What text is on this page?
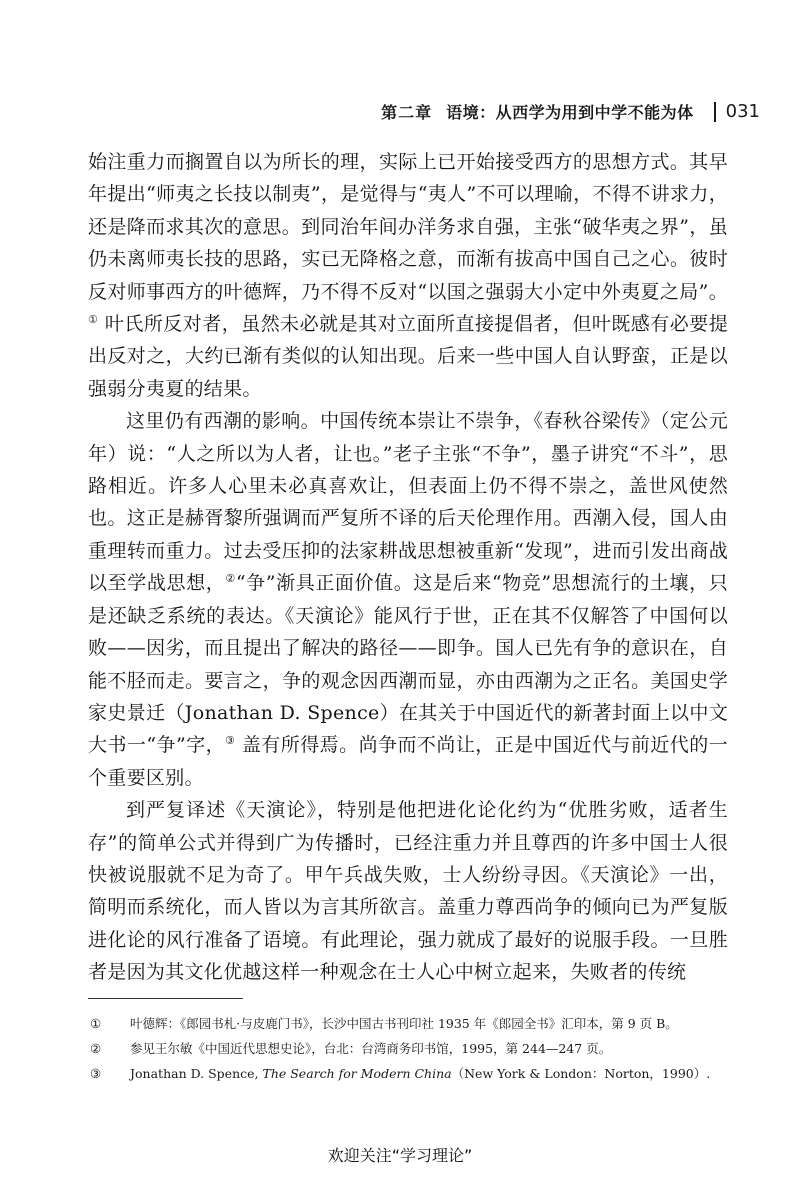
第二章 语境：从西学为用到中学不能为体 031

始注重力而搁置自以为所长的理，实际上已开始接受西方的思想方式。其早年提出“师夷之长技以制夷”，是觉得与“夷人”不可以理喻，不得不讲求力，还是降而求其次的意思。到同治年间办洋务求自强，主张“破华夷之界”，虽仍未离师夷长技的思路，实已无降格之意，而渐有拔高中国自己之心。彼时反对师事西方的叶德辉，乃不得不反对“以国之强弱大小定中外夷夏之局”。① 叶氏所反对者，虽然未必就是其对立面所直接提倡者，但叶既感有必要提出反对之，大约已渐有类似的认知出现。后来一些中国人自认野蛮，正是以强弱分夷夏的结果。

这里仍有西潮的影响。中国传统本崇让不崇争，《春秋谷梁传》（定公元年）说：“人之所以为人者，让也。”老子主张“不争”，墨子讲究“不斗”，思路相近。许多人心里未必真喜欢让，但表面上仍不得不崇之，盖世风使然也。这正是赫胥黎所强调而严复所不译的后天伦理作用。西潮入侵，国人由重理转而重力。过去受压抑的法家耕战思想被重新“发现”，进而引发出商战以至学战思想，②“争”渐具正面价值。这是后来“物竞”思想流行的土壤，只是还缺乏系统的表达。《天演论》能风行于世，正在其不仅解答了中国何以败——因劣，而且提出了解决的路径——即争。国人已先有争的意识在，自能不胫而走。要言之，争的观念因西潮而显，亦由西潮为之正名。美国史学家史景迁（Jonathan D. Spence）在其关于中国近代的新著封面上以中文大书一“争”字，③ 盖有所得焉。尚争而不尚让，正是中国近代与前近代的一个重要区别。

到严复译述《天演论》，特别是他把进化论化约为“优胜劣败，适者生存”的简单公式并得到广为传播时，已经注重力并且尊西的许多中国士人很快被说服就不足为奇了。甲午兵战失败，士人纷纷寻因。《天演论》一出，简明而系统化，而人皆以为言其所欲言。盖重力尊西尚争的倾向已为严复版进化论的风行准备了语境。有此理论，强力就成了最好的说服手段。一旦胜者是因为其文化优越这样一种观念在士人心中树立起来，失败者的传统

①	叶德辉：《郎园书札·与皮鹿门书》，长沙中国古书刊印社 1935 年《郎园全书》汇印本，第 9 页 B。
②	参见王尔敏《中国近代思想史论》，台北：台湾商务印书馆，1995，第 244—247 页。
③	Jonathan D. Spence, The Search for Modern China（New York & London：Norton，1990）.
欢迎关注“学习理论”
